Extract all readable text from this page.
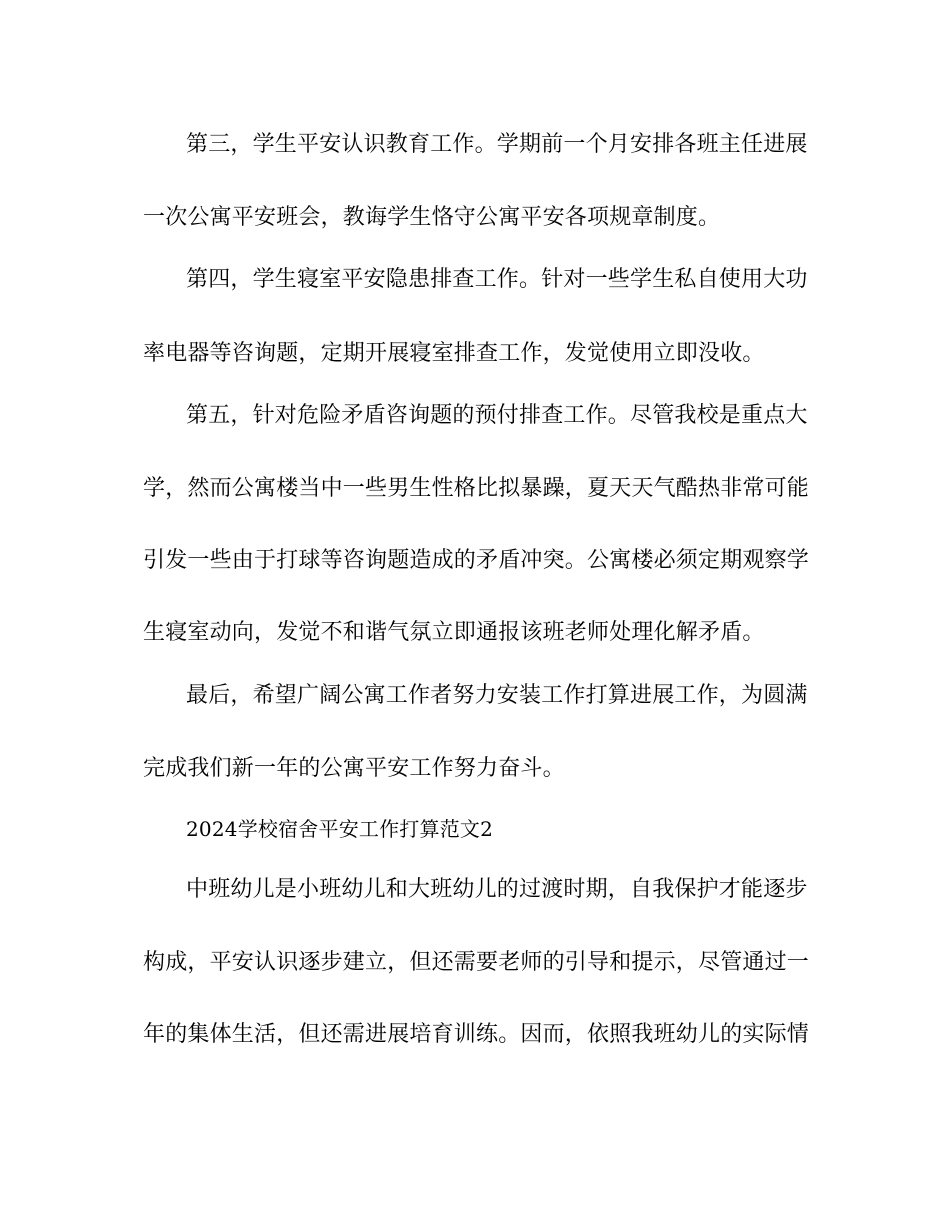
第三，学生平安认识教育工作。学期前一个月安排各班主任进展
一次公寓平安班会，教诲学生恪守公寓平安各项规章制度。
第四，学生寝室平安隐患排查工作。针对一些学生私自使用大功
率电器等咨询题，定期开展寝室排查工作，发觉使用立即没收。
第五，针对危险矛盾咨询题的预付排查工作。尽管我校是重点大
学，然而公寓楼当中一些男生性格比拟暴躁，夏天天气酷热非常可能
引发一些由于打球等咨询题造成的矛盾冲突。公寓楼必须定期观察学
生寝室动向，发觉不和谐气氛立即通报该班老师处理化解矛盾。
最后，希望广阔公寓工作者努力安装工作打算进展工作，为圆满
完成我们新一年的公寓平安工作努力奋斗。
2024学校宿舍平安工作打算范文2
中班幼儿是小班幼儿和大班幼儿的过渡时期，自我保护才能逐步
构成，平安认识逐步建立，但还需要老师的引导和提示，尽管通过一
年的集体生活，但还需进展培育训练。因而，依照我班幼儿的实际情
